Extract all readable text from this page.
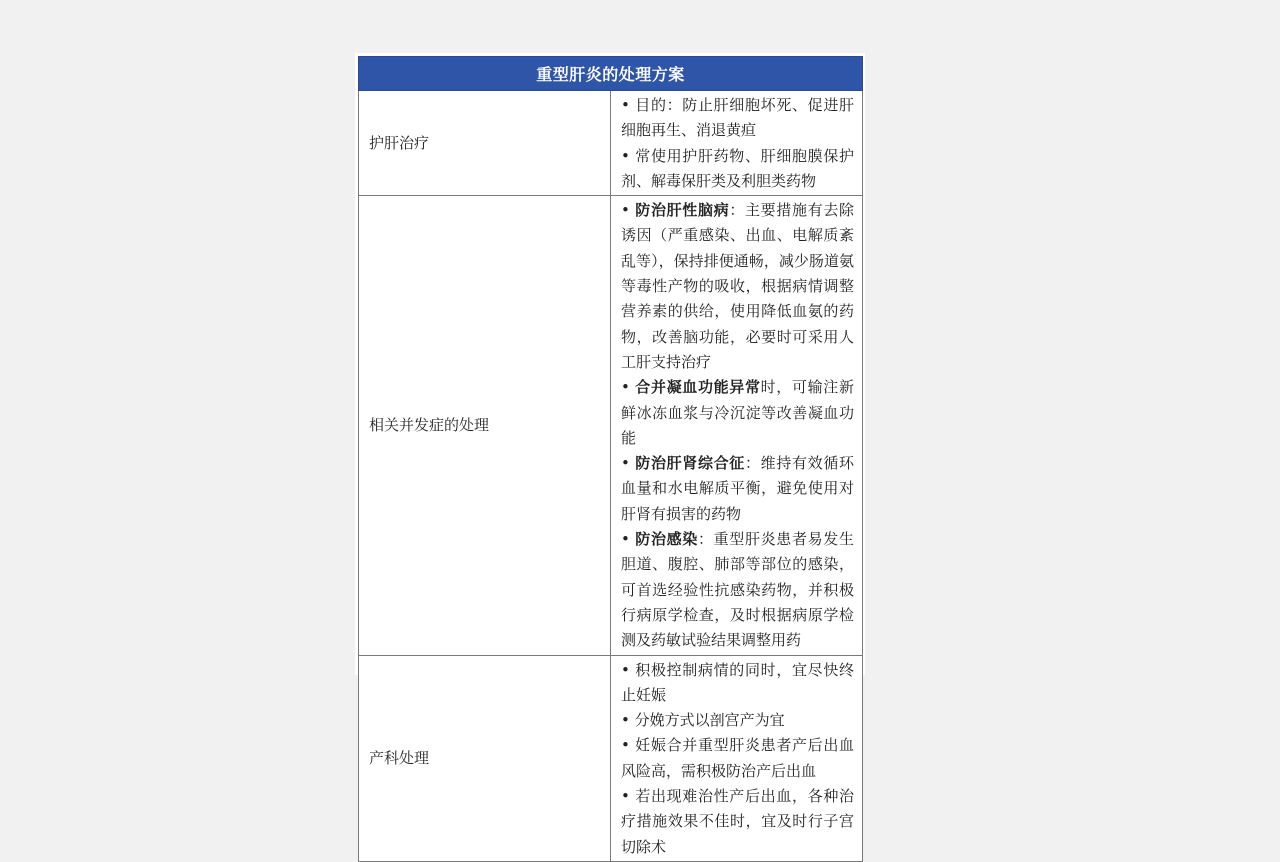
重型肝炎的处理方案	
护肝治疗	• 目的：防止肝细胞坏死、促进肝细胞再生、消退黄疸

• 常使用护肝药物、肝细胞膜保护剂、解毒保肝类及利胆类药物

相关并发症的处理	• 防治肝性脑病：主要措施有去除诱因（严重感染、出血、电解质紊乱等），保持排便通畅，减少肠道氨等毒性产物的吸收，根据病情调整营养素的供给，使用降低血氨的药物，改善脑功能，必要时可采用人工肝支持治疗

• 合并凝血功能异常时，可输注新鲜冰冻血浆与冷沉淀等改善凝血功能

• 防治肝肾综合征：维持有效循环血量和水电解质平衡，避免使用对肝肾有损害的药物

• 防治感染：重型肝炎患者易发生胆道、腹腔、肺部等部位的感染，可首选经验性抗感染药物，并积极行病原学检查，及时根据病原学检测及药敏试验结果调整用药

产科处理	• 积极控制病情的同时，宜尽快终止妊娠

• 分娩方式以剖宫产为宜

• 妊娠合并重型肝炎患者产后出血风险高，需积极防治产后出血

• 若出现难治性产后出血，各种治疗措施效果不佳时，宜及时行子宫切除术
